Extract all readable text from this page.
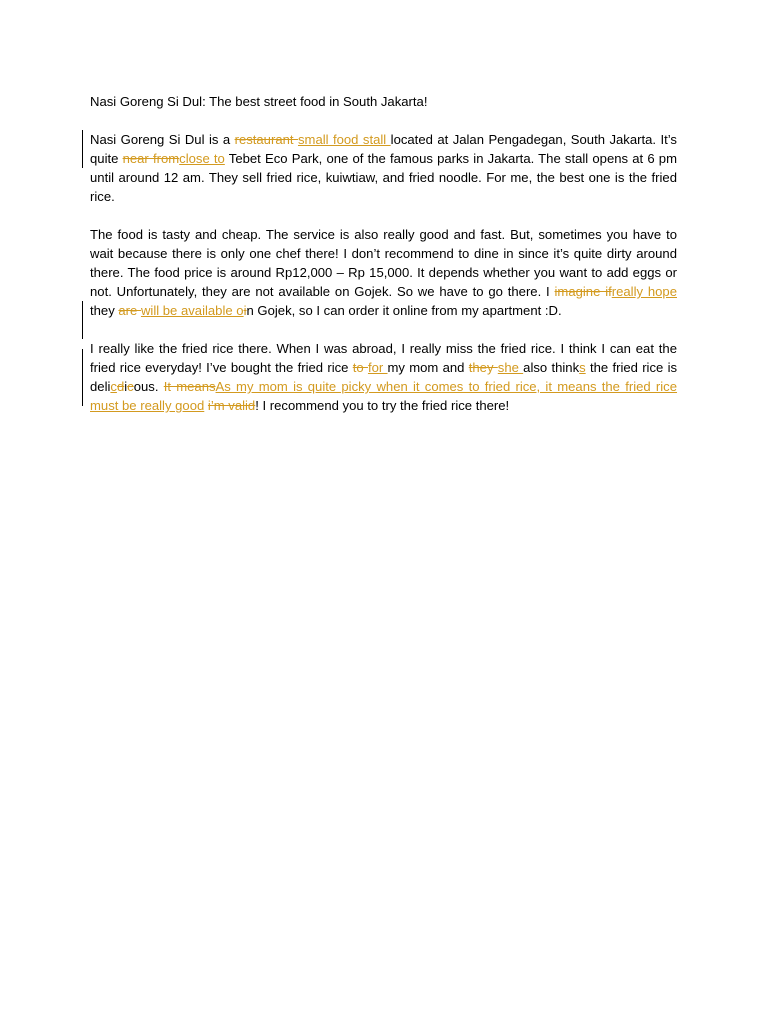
Nasi Goreng Si Dul: The best street food in South Jakarta!
Nasi Goreng Si Dul is a restaurant small food stall located at Jalan Pengadegan, South Jakarta. It’s quite near fromclose to Tebet Eco Park, one of the famous parks in Jakarta. The stall opens at 6 pm until around 12 am. They sell fried rice, kuiwtiaw, and fried noodle. For me, the best one is the fried rice.
The food is tasty and cheap. The service is also really good and fast. But, sometimes you have to wait because there is only one chef there! I don’t recommend to dine in since it’s quite dirty around there. The food price is around Rp12,000 – Rp 15,000. It depends whether you want to add eggs or not. Unfortunately, they are not available on Gojek. So we have to go there. I imagine ifreally hope they are will be available oin Gojek, so I can order it online from my apartment :D.
I really like the fried rice there. When I was abroad, I really miss the fried rice. I think I can eat the fried rice everyday! I’ve bought the fried rice to for my mom and they she also thinks the fried rice is delicdicous. It meansAs my mom is quite picky when it comes to fried rice, it means the fried rice must be really good i’m valid! I recommend you to try the fried rice there!
